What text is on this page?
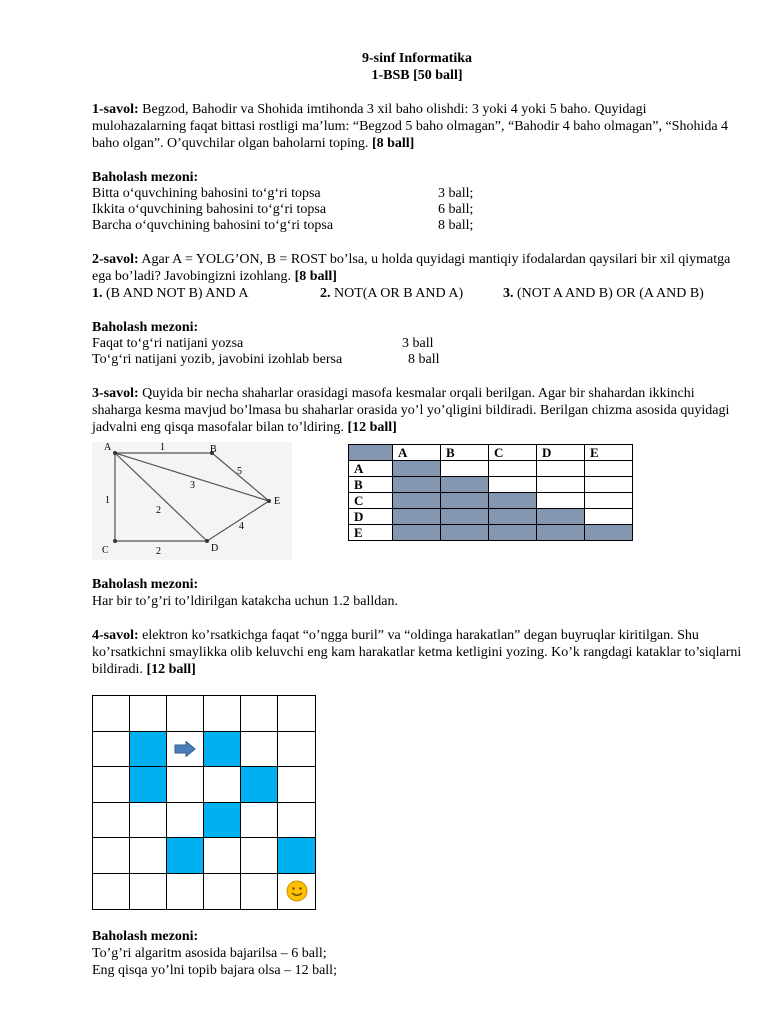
9-sinf Informatika
1-BSB [50 ball]

1-savol: Begzod, Bahodir va Shohida imtihonda 3 xil baho olishdi: 3 yoki 4 yoki 5 baho. Quyidagi mulohazalarning faqat bittasi rostligi ma’lum: “Begzod 5 baho olmagan”, “Bahodir 4 baho olmagan”, “Shohida 4 baho olgan”. O’quvchilar olgan baholarni toping. [8 ball]

Baholash mezoni:

Bitta o‘quvchining bahosini to‘g‘ri topsa	3 ball;
Ikkita o‘quvchining bahosini to‘g‘ri topsa	6 ball;
Barcha o‘quvchining bahosini to‘g‘ri topsa	8 ball;

2-savol: Agar A = YOLG’ON, B = ROST bo’lsa, u holda quyidagi mantiqiy ifodalardan qaysilari bir xil qiymatga ega bo’ladi? Javobingizni izohlang. [8 ball]

1. (B AND NOT B) AND A	2. NOT(A OR B AND A)	3. (NOT A AND B) OR (A AND B)

Baholash mezoni:

Faqat to‘g‘ri natijani yozsa	3 ball
To‘g‘ri natijani yozib, javobini izohlab bersa	8 ball

3-savol: Quyida bir necha shaharlar orasidagi masofa kesmalar orqali berilgan. Agar bir shahardan ikkinchi shaharga kesma mavjud bo’lmasa bu shaharlar orasida yo’l yo’qligini bildiradi. Berilgan chizma asosida quyidagi jadvalni eng qisqa masofalar bilan to’ldiring. [12 ball]

A	B
C	D
E
1
5
3
1
2
4
2
	A	B	C	D	E
A					
B					
C					
D					
E					

Baholash mezoni:

Har bir to’g’ri to’ldirilgan katakcha uchun 1.2 balldan.

4-savol: elektron ko’rsatkichga faqat “o’ngga buril” va “oldinga harakatlan” degan buyruqlar kiritilgan. Shu ko’rsatkichni smaylikka olib keluvchi eng kam harakatlar ketma ketligini yozing. Ko’k rangdagi kataklar to’siqlarni bildiradi. [12 ball]

Baholash mezoni:

To’g’ri algaritm asosida bajarilsa – 6 ball;

Eng qisqa yo’lni topib bajara olsa – 12 ball;
